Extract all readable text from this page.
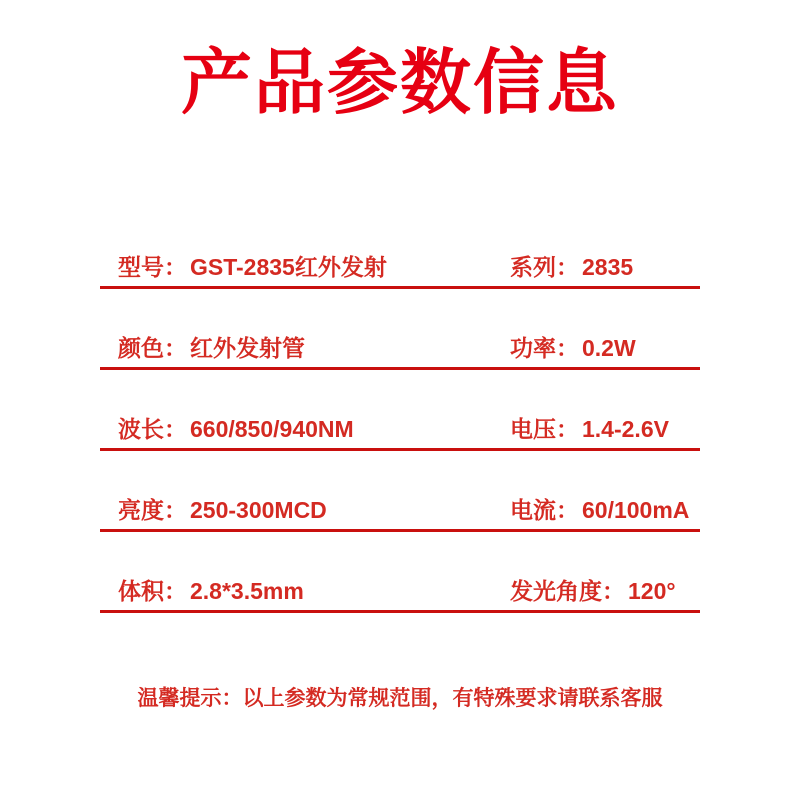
产品参数信息
型号： GST-2835红外发射	系列： 2835
颜色： 红外发射管	功率： 0.2W
波长： 660/850/940NM	电压： 1.4-2.6V
亮度： 250-300MCD	电流： 60/100mA
体积： 2.8*3.5mm	发光角度： 120°
温馨提示：以上参数为常规范围，有特殊要求请联系客服
